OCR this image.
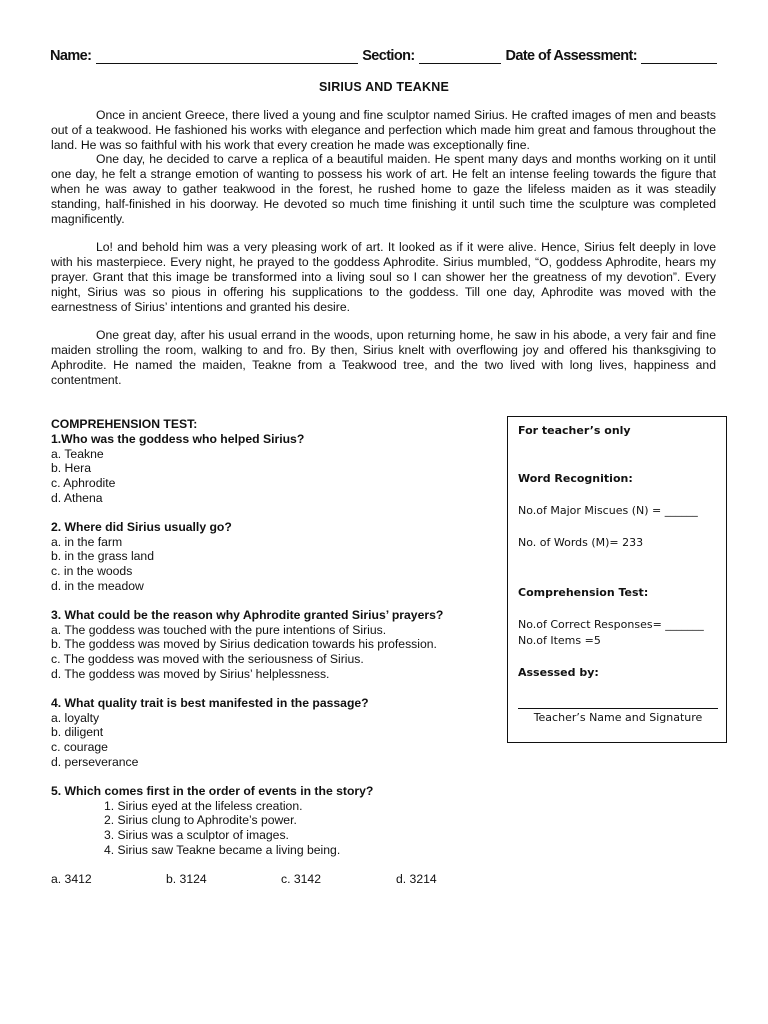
Name:	Section:	Date of Assessment:
SIRIUS AND TEAKNE

Once in ancient Greece, there lived a young and fine sculptor named Sirius. He crafted images of men and beasts out of a teakwood. He fashioned his works with elegance and perfection which made him great and famous throughout the land. He was so faithful with his work that every creation he made was exceptionally fine.

One day, he decided to carve a replica of a beautiful maiden. He spent many days and months working on it until one day, he felt a strange emotion of wanting to possess his work of art. He felt an intense feeling towards the figure that when he was away to gather teakwood in the forest, he rushed home to gaze the lifeless maiden as it was steadily standing, half-finished in his doorway. He devoted so much time finishing it until such time the sculpture was completed magnificently.

Lo! and behold him was a very pleasing work of art. It looked as if it were alive. Hence, Sirius felt deeply in love with his masterpiece. Every night, he prayed to the goddess Aphrodite. Sirius mumbled, “O, goddess Aphrodite, hears my prayer. Grant that this image be transformed into a living soul so I can shower her the greatness of my devotion”. Every night, Sirius was so pious in offering his supplications to the goddess. Till one day, Aphrodite was moved with the earnestness of Sirius’ intentions and granted his desire.

One great day, after his usual errand in the woods, upon returning home, he saw in his abode, a very fair and fine maiden strolling the room, walking to and fro. By then, Sirius knelt with overflowing joy and offered his thanksgiving to Aphrodite. He named the maiden, Teakne from a Teakwood tree, and the two lived with long lives, happiness and contentment.

COMPREHENSION TEST:
1.Who was the goddess who helped Sirius?
a. Teakne
b. Hera
c. Aphrodite
d. Athena
2. Where did Sirius usually go?
a. in the farm
b. in the grass land
c. in the woods
d. in the meadow
3. What could be the reason why Aphrodite granted Sirius’ prayers?
a. The goddess was touched with the pure intentions of Sirius.
b. The goddess was moved by Sirius dedication towards his profession.
c. The goddess was moved with the seriousness of Sirius.
d. The goddess was moved by Sirius’ helplessness.
4. What quality trait is best manifested in the passage?
a. loyalty
b. diligent
c. courage
d. perseverance
5. Which comes first in the order of events in the story?
1. Sirius eyed at the lifeless creation.
2. Sirius clung to Aphrodite’s power.
3. Sirius was a sculptor of images.
4. Sirius saw Teakne became a living being.
a. 3412	b. 3124	c. 3142	d. 3214
For teacher’s only
Word Recognition:
No.of Major Miscues (N) = ______
No. of Words (M)= 233
Comprehension Test:
No.of Correct Responses= _______
No.of Items =5
Assessed by:
Teacher’s Name and Signature
